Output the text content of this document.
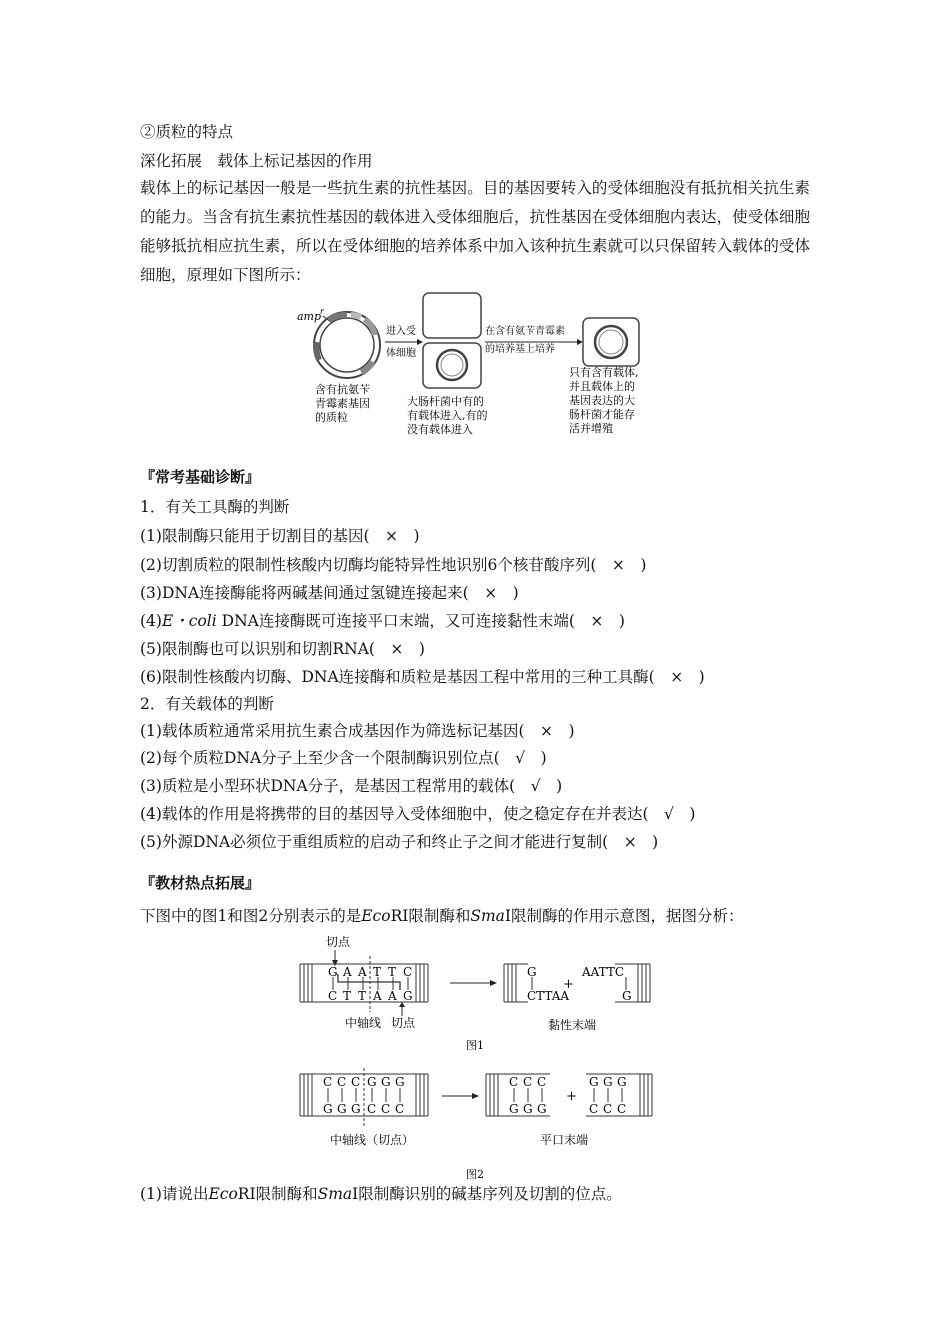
②质粒的特点
深化拓展　载体上标记基因的作用
载体上的标记基因一般是一些抗生素的抗性基因。目的基因要转入的受体细胞没有抵抗相关抗生素的能力。当含有抗生素抗性基因的载体进入受体细胞后，抗性基因在受体细胞内表达，使受体细胞能够抵抗相应抗生素，所以在受体细胞的培养体系中加入该种抗生素就可以只保留转入载体的受体细胞，原理如下图所示：
amp
r
含有抗氨苄 青霉素基因 的质粒
进入受 体细胞
大肠杆菌中有的 有载体进入,有的 没有载体进入
在含有氨苄青霉素 的培养基上培养
只有含有载体, 并且载体上的 基因表达的大 肠杆菌才能存 活并增殖
『常考基础诊断』
1．有关工具酶的判断
(1)限制酶只能用于切割目的基因(　×　)
(2)切割质粒的限制性核酸内切酶均能特异性地识别6个核苷酸序列(　×　)
(3)DNA连接酶能将两碱基间通过氢键连接起来(　×　)
(4)E・coli DNA连接酶既可连接平口末端，又可连接黏性末端(　×　)
(5)限制酶也可以识别和切割RNA(　×　)
(6)限制性核酸内切酶、DNA连接酶和质粒是基因工程中常用的三种工具酶(　×　)
2．有关载体的判断
(1)载体质粒通常采用抗生素合成基因作为筛选标记基因(　×　)
(2)每个质粒DNA分子上至少含一个限制酶识别位点(　√　)
(3)质粒是小型环状DNA分子，是基因工程常用的载体(　√　)
(4)载体的作用是将携带的目的基因导入受体细胞中，使之稳定存在并表达(　√　)
(5)外源DNA必须位于重组质粒的启动子和终止子之间才能进行复制(　×　)
『教材热点拓展』
下图中的图1和图2分别表示的是EcoRⅠ限制酶和SmaⅠ限制酶的作用示意图，据图分析：
切点
G A A T T C
C T T A A G
中轴线 切点
G
CTTAA
+
AATTC
G
黏性末端
图1
C C C G G G
G G G C C C
中轴线（切点）
C C C
G G G
+
G G G
C C C
平口末端
图2
(1)请说出EcoRⅠ限制酶和SmaⅠ限制酶识别的碱基序列及切割的位点。
